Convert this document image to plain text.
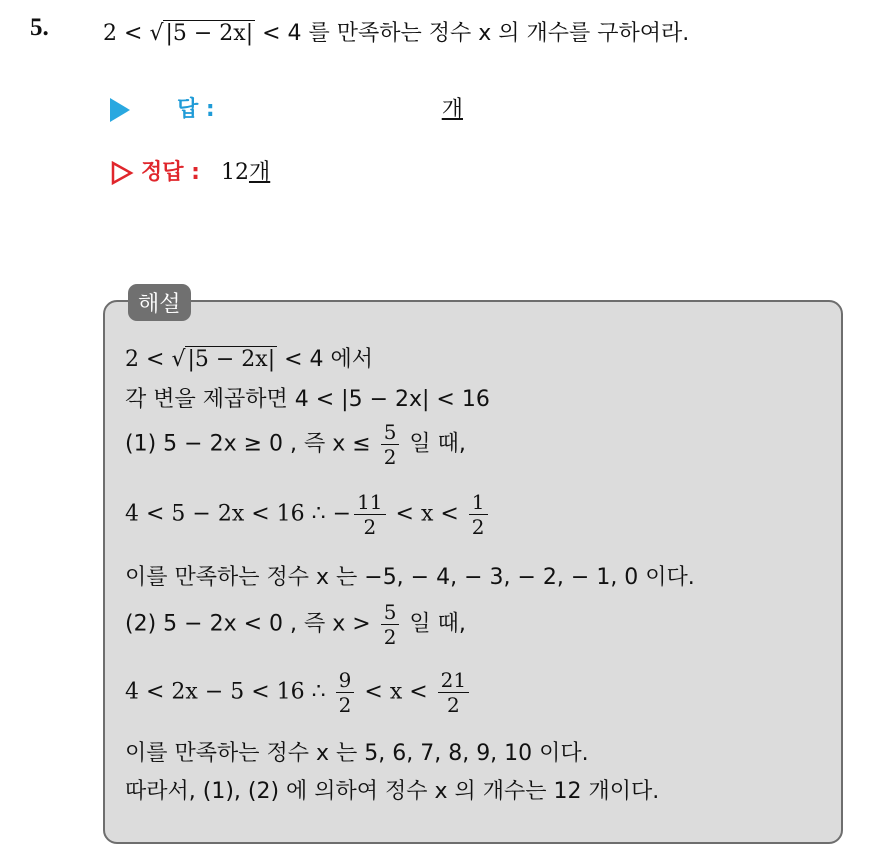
5. 2 < √|5 − 2x| < 4 를 만족하는 정수 x 의 개수를 구하여라.
답 :	개
정답 : 12개
해설
2 < √|5 − 2x| < 4 에서
각 변을 제곱하면 4 < |5 − 2x| < 16
(1) 5 − 2x ≥ 0 , 즉 $x \le \frac{5}{2}$ 일 때,
4 < 5 − 2x < 16 ∴ − $\frac{11}{2} < x < \frac{1}{2}$
이를 만족하는 정수 x 는 −5, − 4, − 3, − 2, − 1, 0 이다.
(2) 5 − 2x < 0 , 즉 $x > \frac{5}{2}$ 일 때,
4 < 2x − 5 < 16 ∴ $\frac{9}{2} < x < \frac{21}{2}$
이를 만족하는 정수 x 는 5, 6, 7, 8, 9, 10 이다.
따라서, (1), (2) 에 의하여 정수 x 의 개수는 12 개이다.
